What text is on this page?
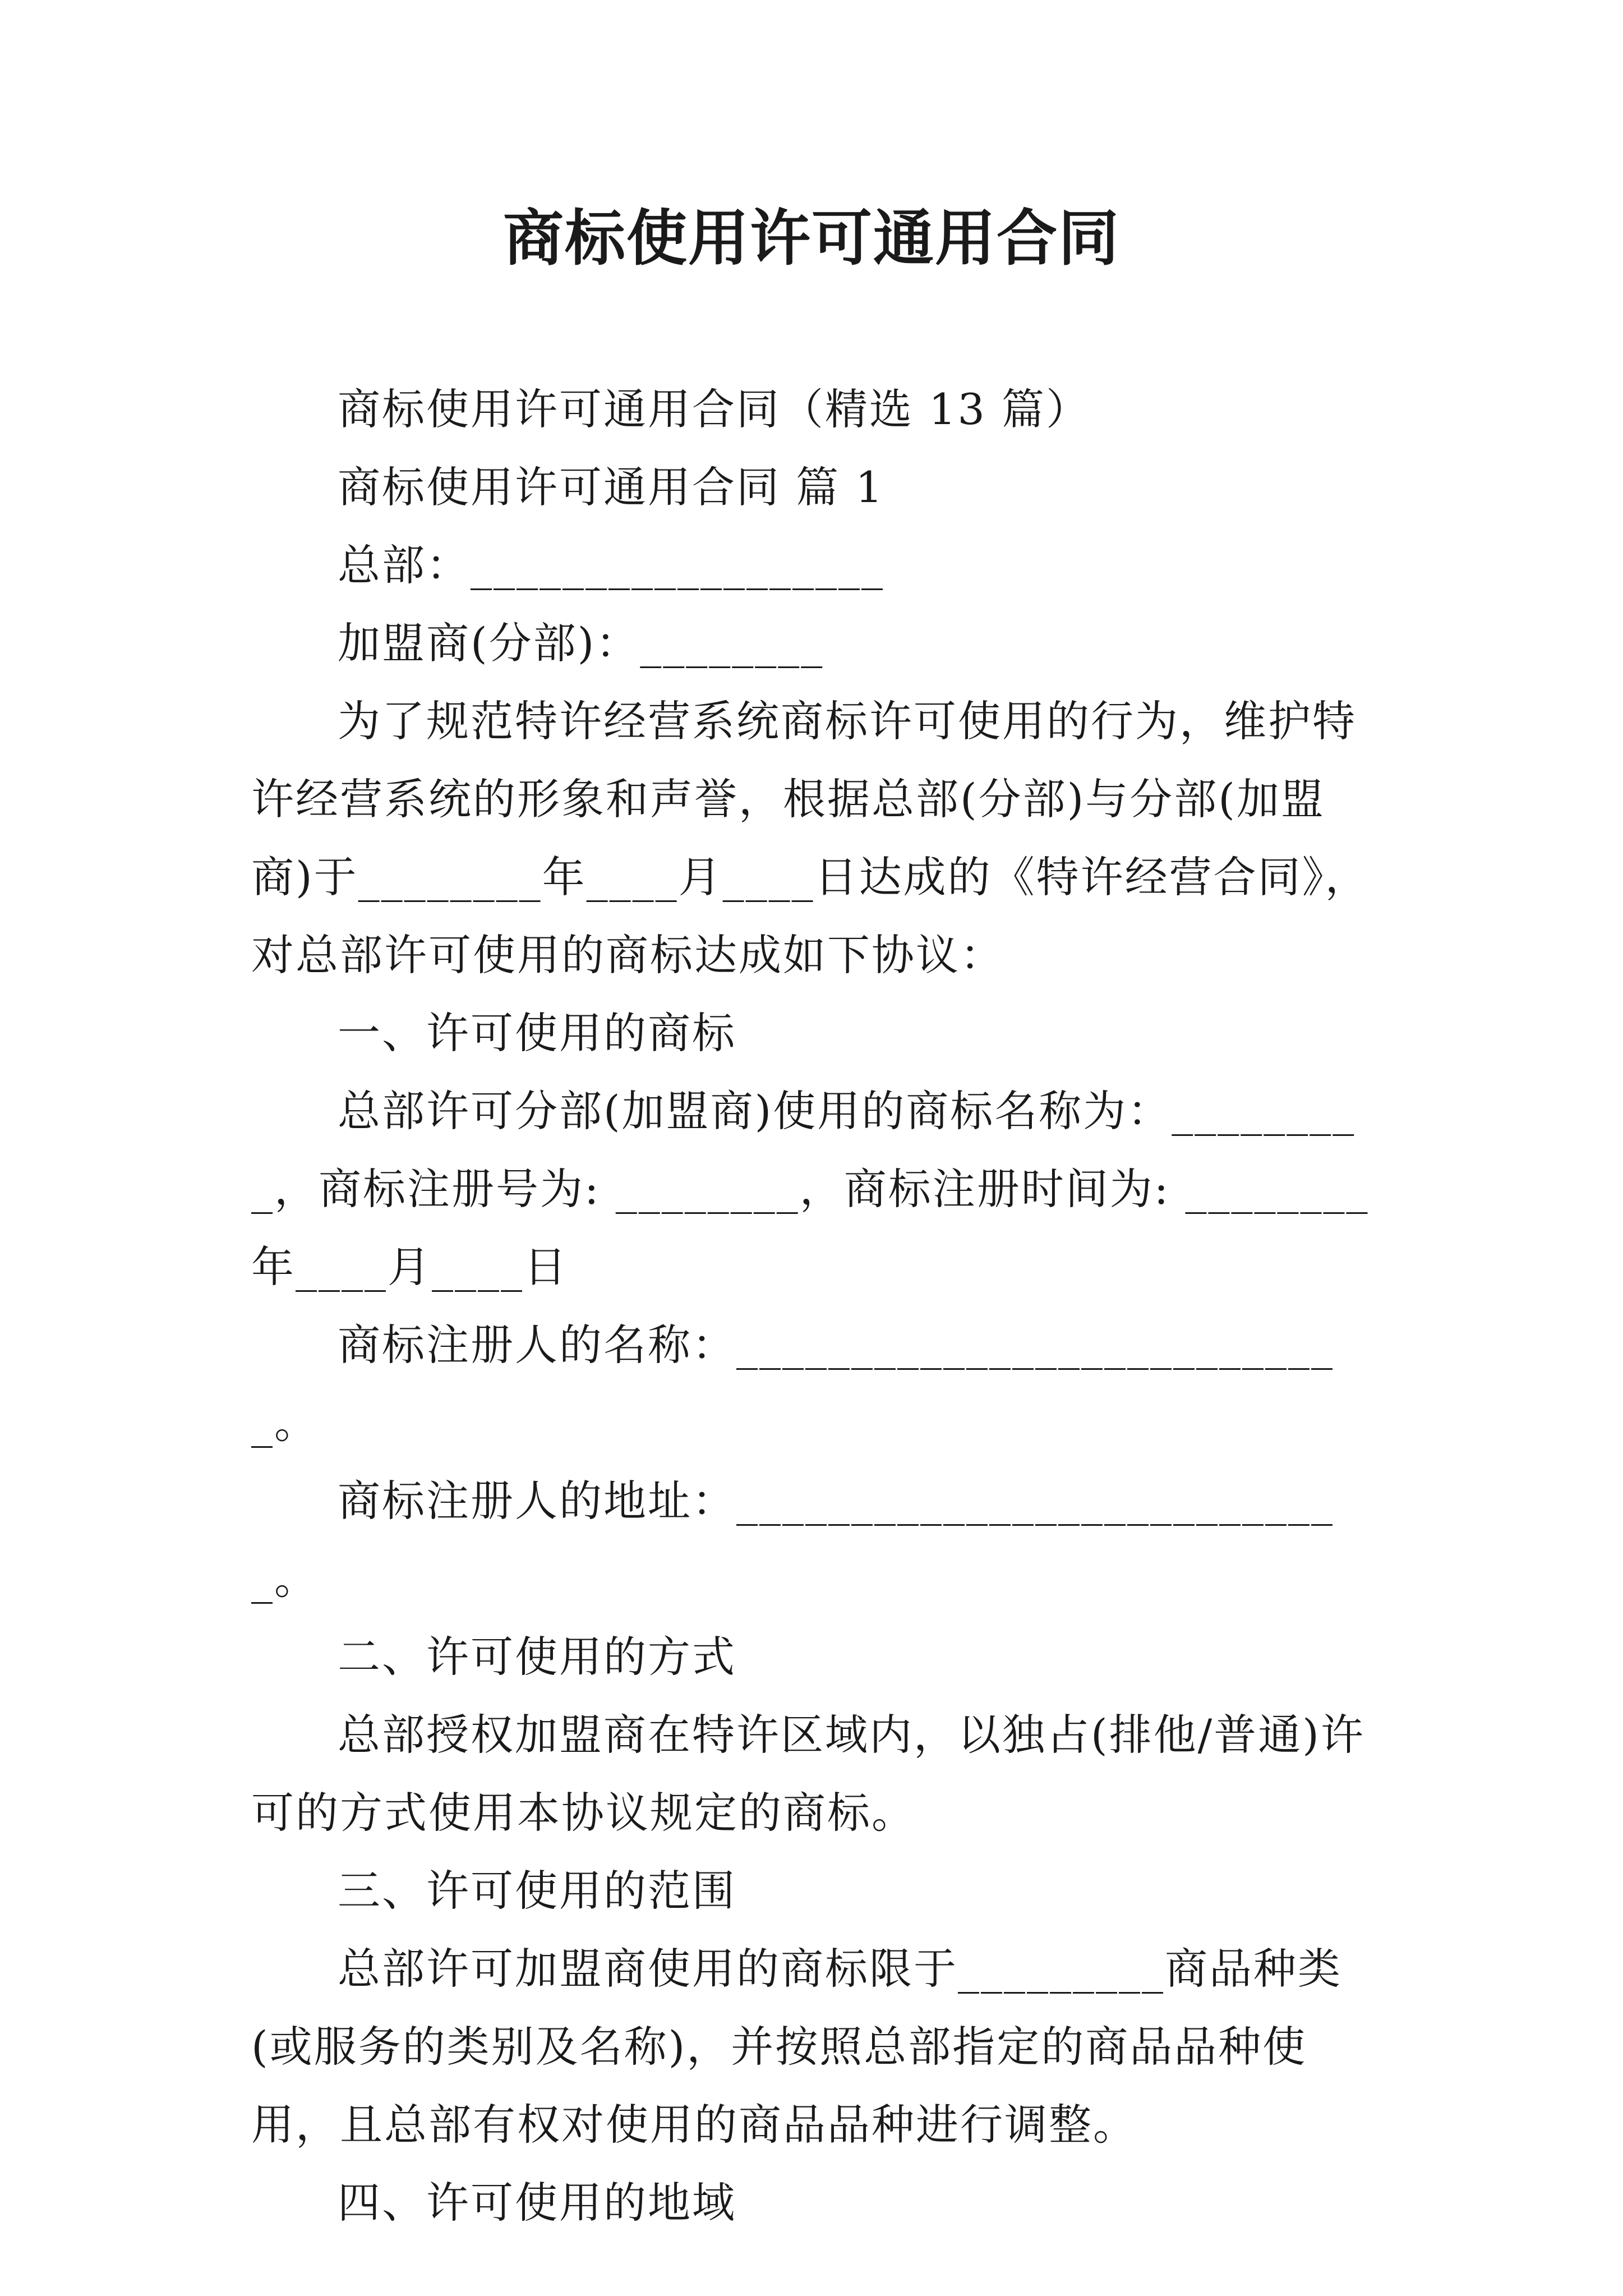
商标使用许可通用合同

商标使用许可通用合同（精选 13 篇）

商标使用许可通用合同 篇 1

总部：__________________

加盟商(分部)：________

为了规范特许经营系统商标许可使用的行为，维护特许经营系统的形象和声誉，根据总部(分部)与分部(加盟商)于________年____月____日达成的《特许经营合同》，对总部许可使用的商标达成如下协议：

一、许可使用的商标

总部许可分部(加盟商)使用的商标名称为：_________，商标注册号为: ________，商标注册时间为: ________年____月____日

商标注册人的名称：___________________________。

商标注册人的地址：___________________________。

二、许可使用的方式

总部授权加盟商在特许区域内，以独占(排他/普通)许可的方式使用本协议规定的商标。

三、许可使用的范围

总部许可加盟商使用的商标限于_________商品种类(或服务的类别及名称)，并按照总部指定的商品品种使用，且总部有权对使用的商品品种进行调整。

四、许可使用的地域
